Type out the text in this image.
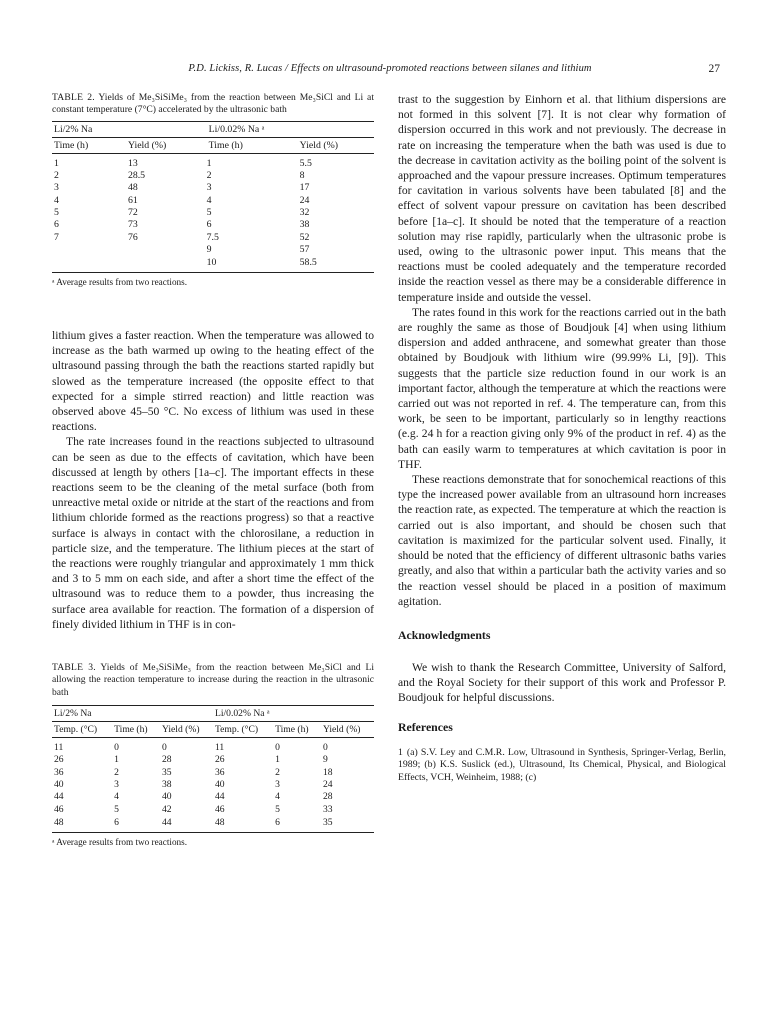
P.D. Lickiss, R. Lucas / Effects on ultrasound-promoted reactions between silanes and lithium	27

TABLE 2. Yields of Me₃SiSiMe₃ from the reaction between Me₃SiCl and Li at constant temperature (7°C) accelerated by the ultrasonic bath

Li/2% Na		Li/0.02% Na ᵃ	
Time (h)	Yield (%)	Time (h)	Yield (%)
1	13	1	5.5
2	28.5	2	8
3	48	3	17
4	61	4	24
5	72	5	32
6	73	6	38
7	76	7.5	52
		9	57
		10	58.5
ᵃ Average results from two reactions.

lithium gives a faster reaction. When the temperature was allowed to increase as the bath warmed up owing to the heating effect of the ultrasound passing through the bath the reactions started rapidly but slowed as the temperature increased (the opposite effect to that expected for a simple stirred reaction) and little reaction was observed above 45–50 °C. No excess of lithium was used in these reactions.

The rate increases found in the reactions subjected to ultrasound can be seen as due to the effects of cavitation, which have been discussed at length by others [1a–c]. The important effects in these reactions seem to be the cleaning of the metal surface (both from unreactive metal oxide or nitride at the start of the reactions and from lithium chloride formed as the reactions progress) so that a reactive surface is always in contact with the chlorosilane, a reduction in particle size, and the temperature. The lithium pieces at the start of the reactions were roughly triangular and approximately 1 mm thick and 3 to 5 mm on each side, and after a short time the effect of the ultrasound was to reduce them to a powder, thus increasing the surface area available for reaction. The formation of a dispersion of finely divided lithium in THF is in con-

TABLE 3. Yields of Me₃SiSiMe₃ from the reaction between Me₃SiCl and Li allowing the reaction temperature to increase during the reaction in the ultrasonic bath

Li/2% Na			Li/0.02% Na ᵃ		
Temp. (°C)	Time (h)	Yield (%)	Temp. (°C)	Time (h)	Yield (%)
11	0	0	11	0	0
26	1	28	26	1	9
36	2	35	36	2	18
40	3	38	40	3	24
44	4	40	44	4	28
46	5	42	46	5	33
48	6	44	48	6	35
ᵃ Average results from two reactions.

trast to the suggestion by Einhorn et al. that lithium dispersions are not formed in this solvent [7]. It is not clear why formation of dispersion occurred in this work and not previously. The decrease in rate on increasing the temperature when the bath was used is due to the decrease in cavitation activity as the boiling point of the solvent is approached and the vapour pressure increases. Optimum temperatures for cavitation in various solvents have been tabulated [8] and the effect of solvent vapour pressure on cavitation has been described before [1a–c]. It should be noted that the temperature of a reaction solution may rise rapidly, particularly when the ultrasonic probe is used, owing to the ultrasonic power input. This means that the reactions must be cooled adequately and the temperature recorded inside the reaction vessel as there may be a considerable difference in temperature inside and outside the vessel.

The rates found in this work for the reactions carried out in the bath are roughly the same as those of Boudjouk [4] when using lithium dispersion and added anthracene, and somewhat greater than those obtained by Boudjouk with lithium wire (99.99% Li, [9]). This suggests that the particle size reduction found in our work is an important factor, although the temperature at which the reactions were carried out was not reported in ref. 4. The temperature can, from this work, be seen to be important, particularly so in lengthy reactions (e.g. 24 h for a reaction giving only 9% of the product in ref. 4) as the bath can easily warm to temperatures at which cavitation is poor in THF.

These reactions demonstrate that for sonochemical reactions of this type the increased power available from an ultrasound horn increases the reaction rate, as expected. The temperature at which the reaction is carried out is also important, and should be chosen such that cavitation is maximized for the particular solvent used. Finally, it should be noted that the efficiency of different ultrasonic baths varies greatly, and also that within a particular bath the activity varies and so the reaction vessel should be placed in a position of maximum agitation.

Acknowledgments

We wish to thank the Research Committee, University of Salford, and the Royal Society for their support of this work and Professor P. Boudjouk for helpful discussions.

References

1 (a) S.V. Ley and C.M.R. Low, Ultrasound in Synthesis, Springer-Verlag, Berlin, 1989; (b) K.S. Suslick (ed.), Ultrasound, Its Chemical, Physical, and Biological Effects, VCH, Weinheim, 1988; (c)
